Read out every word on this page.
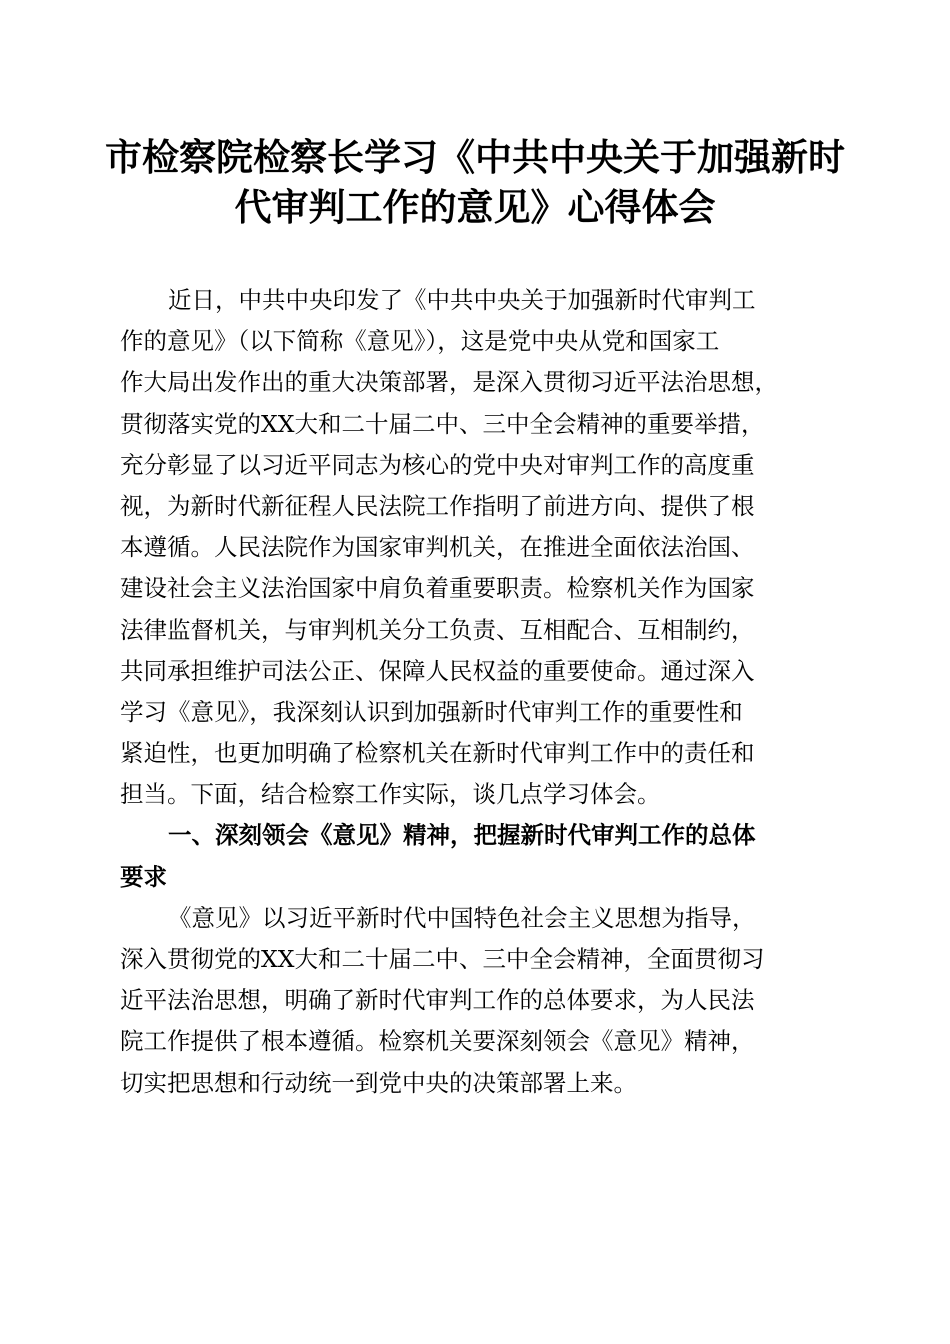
市检察院检察长学习《中共中央关于加强新时
代审判工作的意见》心得体会
近日，中共中央印发了《中共中央关于加强新时代审判工
作的意见》（以下简称《意见》），这是党中央从党和国家工
作大局出发作出的重大决策部署，是深入贯彻习近平法治思想，
贯彻落实党的XX大和二十届二中、三中全会精神的重要举措，
充分彰显了以习近平同志为核心的党中央对审判工作的高度重
视，为新时代新征程人民法院工作指明了前进方向、提供了根
本遵循。人民法院作为国家审判机关，在推进全面依法治国、
建设社会主义法治国家中肩负着重要职责。检察机关作为国家
法律监督机关，与审判机关分工负责、互相配合、互相制约，
共同承担维护司法公正、保障人民权益的重要使命。通过深入
学习《意见》，我深刻认识到加强新时代审判工作的重要性和
紧迫性，也更加明确了检察机关在新时代审判工作中的责任和
担当。下面，结合检察工作实际，谈几点学习体会。
一、深刻领会《意见》精神，把握新时代审判工作的总体
要求
《意见》以习近平新时代中国特色社会主义思想为指导，
深入贯彻党的XX大和二十届二中、三中全会精神，全面贯彻习
近平法治思想，明确了新时代审判工作的总体要求，为人民法
院工作提供了根本遵循。检察机关要深刻领会《意见》精神，
切实把思想和行动统一到党中央的决策部署上来。
